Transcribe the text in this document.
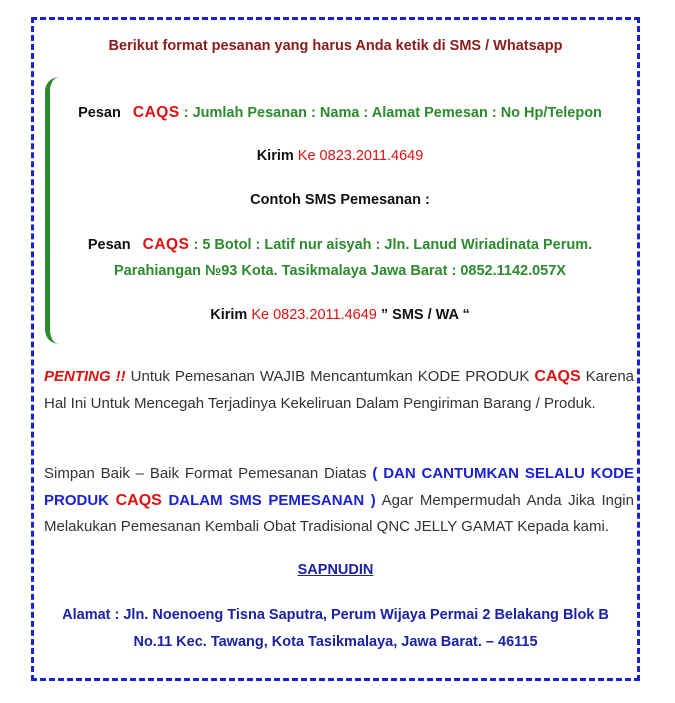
Berikut format pesanan yang harus Anda ketik di SMS / Whatsapp
Pesan CAQS : Jumlah Pesanan : Nama : Alamat Pemesan : No Hp/Telepon
Kirim Ke 0823.2011.4649
Contoh SMS Pemesanan :
Pesan CAQS : 5 Botol : Latif nur aisyah : Jln. Lanud Wiriadinata Perum.
Parahiangan №93 Kota. Tasikmalaya Jawa Barat : 0852.1142.057X
Kirim Ke 0823.2011.4649 ” SMS / WA “
PENTING !! Untuk Pemesanan WAJIB Mencantumkan KODE PRODUK CAQS Karena Hal Ini Untuk Mencegah Terjadinya Kekeliruan Dalam Pengiriman Barang / Produk.
Simpan Baik – Baik Format Pemesanan Diatas ( DAN CANTUMKAN SELALU KODE PRODUK CAQS DALAM SMS PEMESANAN ) Agar Mempermudah Anda Jika Ingin Melakukan Pemesanan Kembali Obat Tradisional QNC JELLY GAMAT Kepada kami.
SAPNUDIN
Alamat : Jln. Noenoeng Tisna Saputra, Perum Wijaya Permai 2 Belakang Blok B
No.11 Kec. Tawang, Kota Tasikmalaya, Jawa Barat. – 46115
